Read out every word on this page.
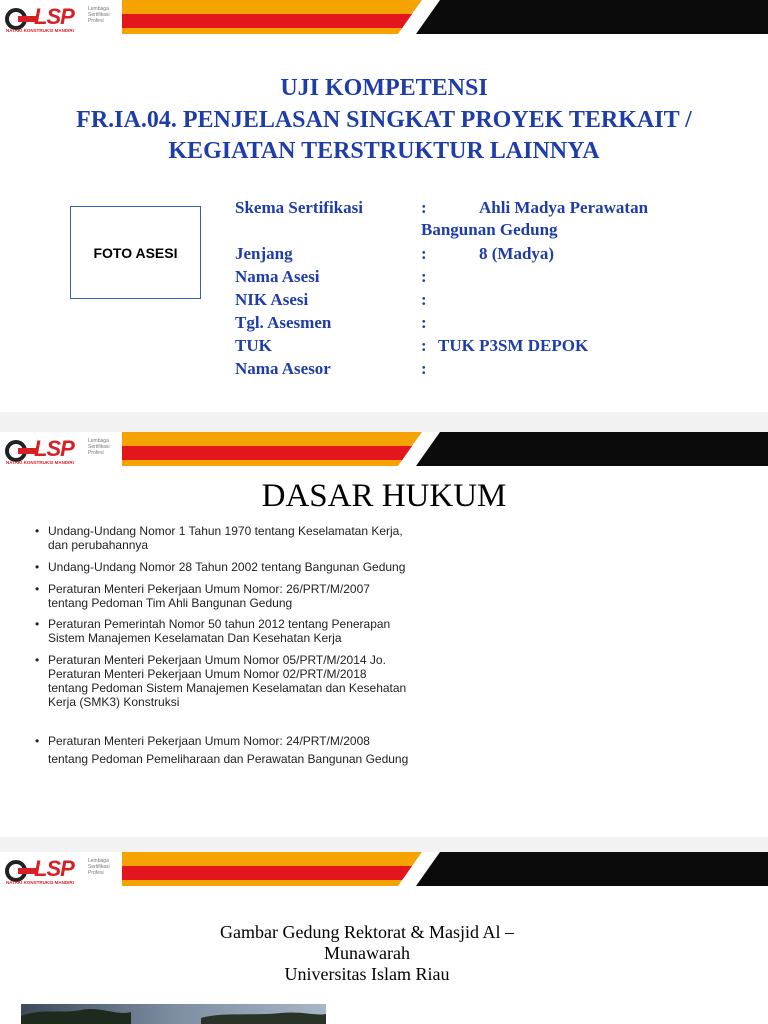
LSP	Lembaga Sertifikasi Profesi
NATAKI KONSTRUKSI MANDIRI
UJI KOMPETENSI
FR.IA.04. PENJELASAN SINGKAT PROYEK TERKAIT /
KEGIATAN TERSTRUKTUR LAINNYA
FOTO ASESI
Skema Sertifikasi	:	Ahli Madya Perawatan
Bangunan Gedung
Jenjang	:	8 (Madya)
Nama Asesi	:
NIK Asesi	:
Tgl. Asesmen	:
TUK	: TUK P3SM DEPOK
Nama Asesor	:
LSP	Lembaga Sertifikasi Profesi
NATAKI KONSTRUKSI MANDIRI
DASAR HUKUM
• Undang-Undang Nomor 1 Tahun 1970 tentang Keselamatan Kerja,
dan perubahannya
• Undang-Undang Nomor 28 Tahun 2002 tentang Bangunan Gedung
• Peraturan Menteri Pekerjaan Umum Nomor: 26/PRT/M/2007
tentang Pedoman Tim Ahli Bangunan Gedung
• Peraturan Pemerintah Nomor 50 tahun 2012 tentang Penerapan
Sistem Manajemen Keselamatan Dan Kesehatan Kerja
• Peraturan Menteri Pekerjaan Umum Nomor 05/PRT/M/2014 Jo.
Peraturan Menteri Pekerjaan Umum Nomor 02/PRT/M/2018
tentang Pedoman Sistem Manajemen Keselamatan dan Kesehatan
Kerja (SMK3) Konstruksi
• Peraturan Menteri Pekerjaan Umum Nomor: 24/PRT/M/2008
tentang Pedoman Pemeliharaan dan Perawatan Bangunan Gedung
LSP	Lembaga Sertifikasi Profesi
NATAKI KONSTRUKSI MANDIRI
Gambar Gedung Rektorat & Masjid Al –
Munawarah
Universitas Islam Riau
